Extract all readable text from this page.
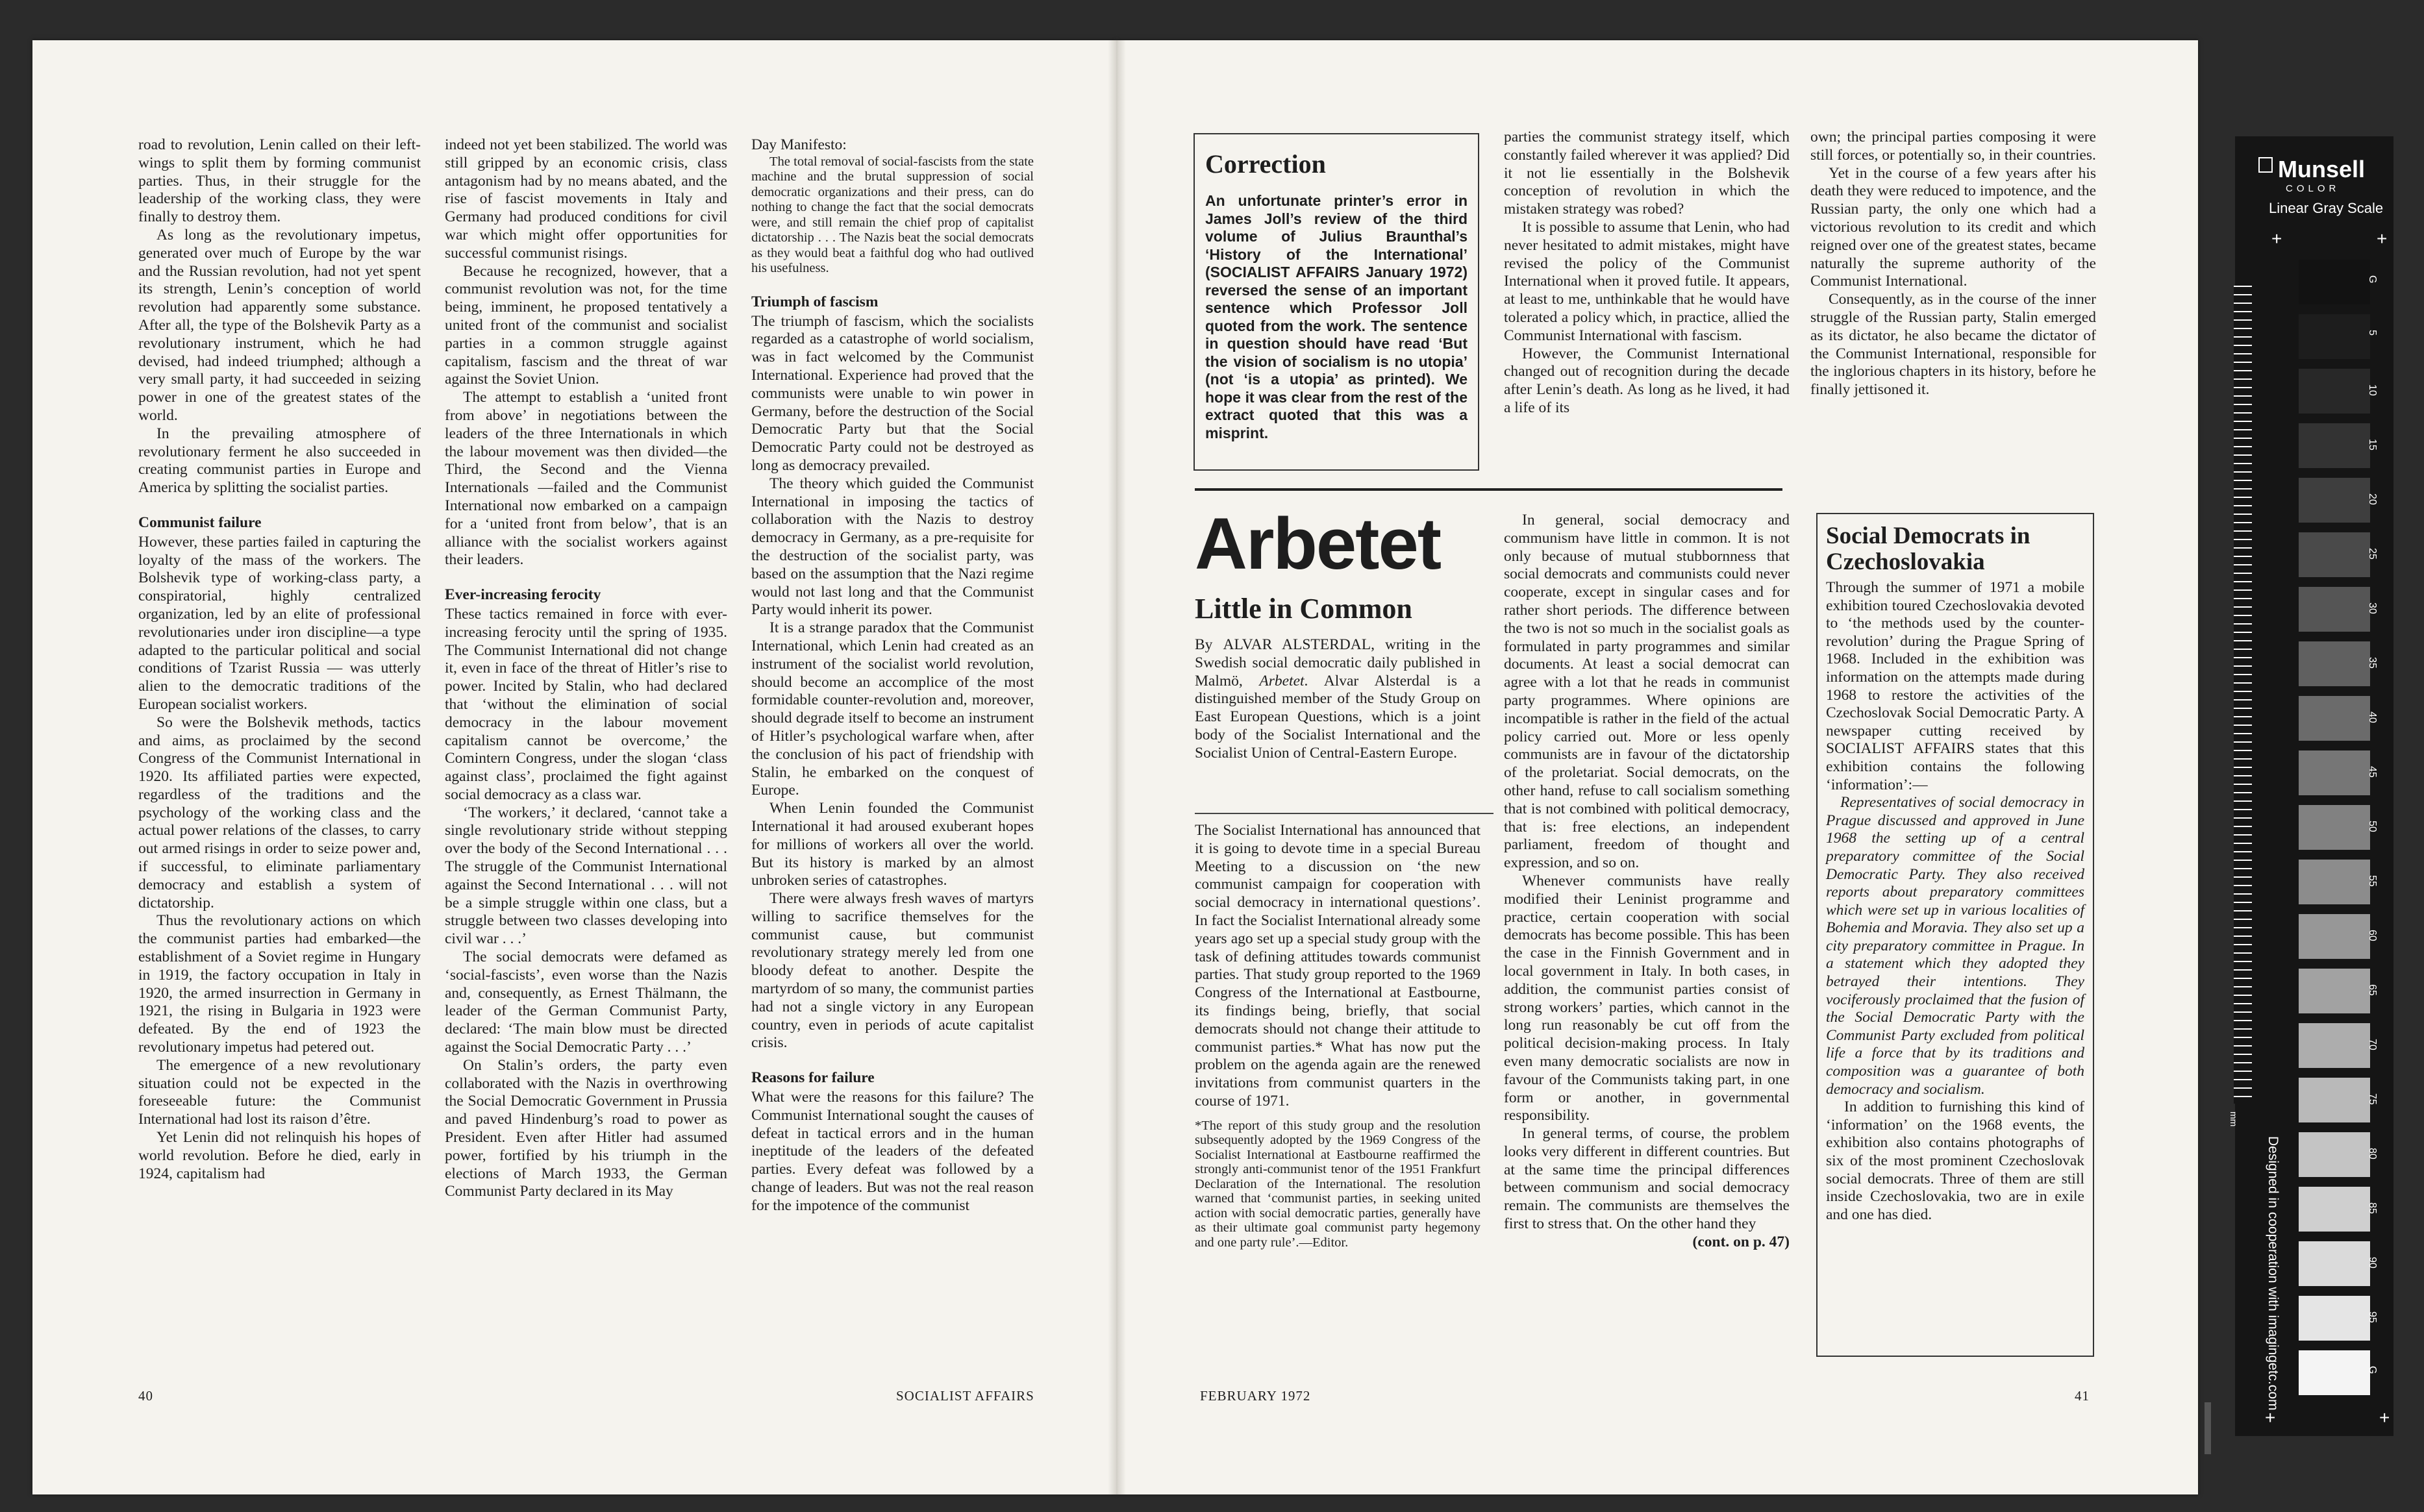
road to revolution, Lenin called on their left-wings to split them by forming communist parties. Thus, in their struggle for the leadership of the working class, they were finally to destroy them.

As long as the revolutionary impetus, generated over much of Europe by the war and the Russian revolution, had not yet spent its strength, Lenin’s conception of world revolution had apparently some substance. After all, the type of the Bolshevik Party as a revolutionary instrument, which he had devised, had indeed triumphed; although a very small party, it had succeeded in seizing power in one of the greatest states of the world.

In the prevailing atmosphere of revolutionary ferment he also succeeded in creating communist parties in Europe and America by splitting the socialist parties.

Communist failure

However, these parties failed in capturing the loyalty of the mass of the workers. The Bolshevik type of working-class party, a conspiratorial, highly centralized organization, led by an elite of professional revolutionaries under iron discipline—a type adapted to the particular political and social conditions of Tzarist Russia — was utterly alien to the democratic traditions of the European socialist workers.

So were the Bolshevik methods, tactics and aims, as proclaimed by the second Congress of the Communist International in 1920. Its affiliated parties were expected, regardless of the traditions and the psychology of the working class and the actual power relations of the classes, to carry out armed risings in order to seize power and, if successful, to eliminate parliamentary democracy and establish a system of dictatorship.

Thus the revolutionary actions on which the communist parties had embarked—the establishment of a Soviet regime in Hungary in 1919, the factory occupation in Italy in 1920, the armed insurrection in Germany in 1921, the rising in Bulgaria in 1923 were defeated. By the end of 1923 the revolutionary impetus had petered out.

The emergence of a new revolutionary situation could not be expected in the foreseeable future: the Communist International had lost its raison d’être.

Yet Lenin did not relinquish his hopes of world revolution. Before he died, early in 1924, capitalism had

indeed not yet been stabilized. The world was still gripped by an economic crisis, class antagonism had by no means abated, and the rise of fascist movements in Italy and Germany had produced conditions for civil war which might offer opportunities for successful communist risings.

Because he recognized, however, that a communist revolution was not, for the time being, imminent, he proposed tentatively a united front of the communist and socialist parties in a common struggle against capitalism, fascism and the threat of war against the Soviet Union.

The attempt to establish a ‘united front from above’ in negotiations between the leaders of the three Internationals in which the labour movement was then divided—the Third, the Second and the Vienna Internationals —failed and the Communist International now embarked on a campaign for a ‘united front from below’, that is an alliance with the socialist workers against their leaders.

Ever-increasing ferocity

These tactics remained in force with ever-increasing ferocity until the spring of 1935. The Communist International did not change it, even in face of the threat of Hitler’s rise to power. Incited by Stalin, who had declared that ‘without the elimination of social democracy in the labour movement capitalism cannot be overcome,’ the Comintern Congress, under the slogan ‘class against class’, proclaimed the fight against social democracy as a class war.

‘The workers,’ it declared, ‘cannot take a single revolutionary stride without stepping over the body of the Second International . . . The struggle of the Communist International against the Second International . . . will not be a simple struggle within one class, but a struggle between two classes developing into civil war . . .’

The social democrats were defamed as ‘social-fascists’, even worse than the Nazis and, consequently, as Ernest Thälmann, the leader of the German Communist Party, declared: ‘The main blow must be directed against the Social Democratic Party . . .’

On Stalin’s orders, the party even collaborated with the Nazis in overthrowing the Social Democratic Government in Prussia and paved Hindenburg’s road to power as President. Even after Hitler had assumed power, fortified by his triumph in the elections of March 1933, the German Communist Party declared in its May

Day Manifesto:

The total removal of social-fascists from the state machine and the brutal suppression of social democratic organizations and their press, can do nothing to change the fact that the social democrats were, and still remain the chief prop of capitalist dictatorship . . . The Nazis beat the social democrats as they would beat a faithful dog who had outlived his usefulness.

Triumph of fascism

The triumph of fascism, which the socialists regarded as a catastrophe of world socialism, was in fact welcomed by the Communist International. Experience had proved that the communists were unable to win power in Germany, before the destruction of the Social Democratic Party but that the Social Democratic Party could not be destroyed as long as democracy prevailed.

The theory which guided the Communist International in imposing the tactics of collaboration with the Nazis to destroy democracy in Germany, as a pre-requisite for the destruction of the socialist party, was based on the assumption that the Nazi regime would not last long and that the Communist Party would inherit its power.

It is a strange paradox that the Communist International, which Lenin had created as an instrument of the socialist world revolution, should become an accomplice of the most formidable counter-revolution and, moreover, should degrade itself to become an instrument of Hitler’s psychological warfare when, after the conclusion of his pact of friendship with Stalin, he embarked on the conquest of Europe.

When Lenin founded the Communist International it had aroused exuberant hopes for millions of workers all over the world. But its history is marked by an almost unbroken series of catastrophes.

There were always fresh waves of martyrs willing to sacrifice themselves for the communist cause, but communist revolutionary strategy merely led from one bloody defeat to another. Despite the martyrdom of so many, the communist parties had not a single victory in any European country, even in periods of acute capitalist crisis.

Reasons for failure

What were the reasons for this failure? The Communist International sought the causes of defeat in tactical errors and in the human ineptitude of the leaders of the defeated parties. Every defeat was followed by a change of leaders. But was not the real reason for the impotence of the communist

40	SOCIALIST AFFAIRS
Correction

An unfortunate printer’s error in James Joll’s review of the third volume of Julius Braunthal’s ‘History of the International’ (SOCIALIST AFFAIRS January 1972) reversed the sense of an important sentence which Professor Joll quoted from the work. The sentence in question should have read ‘But the vision of socialism is no utopia’ (not ‘is a utopia’ as printed). We hope it was clear from the rest of the extract quoted that this was a misprint.

parties the communist strategy itself, which constantly failed wherever it was applied? Did it not lie essentially in the Bolshevik conception of revolution in which the mistaken strategy was robed?

It is possible to assume that Lenin, who had never hesitated to admit mistakes, might have revised the policy of the Communist International when it proved futile. It appears, at least to me, unthinkable that he would have tolerated a policy which, in practice, allied the Communist International with fascism.

However, the Communist International changed out of recognition during the decade after Lenin’s death. As long as he lived, it had a life of its

own; the principal parties composing it were still forces, or potentially so, in their countries.

Yet in the course of a few years after his death they were reduced to impotence, and the Russian party, the only one which had a victorious revolution to its credit and which reigned over one of the greatest states, became naturally the supreme authority of the Communist International.

Consequently, as in the course of the inner struggle of the Russian party, Stalin emerged as its dictator, he also became the dictator of the Communist International, responsible for the inglorious chapters in its history, before he finally jettisoned it.

Arbetet
Little in Common

By ALVAR ALSTERDAL, writing in the Swedish social democratic daily published in Malmö, Arbetet. Alvar Alsterdal is a distinguished member of the Study Group on East European Questions, which is a joint body of the Socialist International and the Socialist Union of Central-Eastern Europe.

The Socialist International has announced that it is going to devote time in a special Bureau Meeting to a discussion on ‘the new communist campaign for cooperation with social democracy in international questions’. In fact the Socialist International already some years ago set up a special study group with the task of defining attitudes towards communist parties. That study group reported to the 1969 Congress of the International at Eastbourne, its findings being, briefly, that social democrats should not change their attitude to communist parties.* What has now put the problem on the agenda again are the renewed invitations from communist quarters in the course of 1971.

*The report of this study group and the resolution subsequently adopted by the 1969 Congress of the Socialist International at Eastbourne reaffirmed the strongly anti-communist tenor of the 1951 Frankfurt Declaration of the International. The resolution warned that ‘communist parties, in seeking united action with social democratic parties, generally have as their ultimate goal communist party hegemony and one party rule’.—Editor.

In general, social democracy and communism have little in common. It is not only because of mutual stubbornness that social democrats and communists could never cooperate, except in singular cases and for rather short periods. The difference between the two is not so much in the socialist goals as formulated in party programmes and similar documents. At least a social democrat can agree with a lot that he reads in communist party programmes. Where opinions are incompatible is rather in the field of the actual policy carried out. More or less openly communists are in favour of the dictatorship of the proletariat. Social democrats, on the other hand, refuse to call socialism something that is not combined with political democracy, that is: free elections, an independent parliament, freedom of thought and expression, and so on.

Whenever communists have really modified their Leninist programme and practice, certain cooperation with social democrats has become possible. This has been the case in the Finnish Government and in local government in Italy. In both cases, in addition, the communist parties consist of strong workers’ parties, which cannot in the long run reasonably be cut off from the political decision-making process. In Italy even many democratic socialists are now in favour of the Communists taking part, in one form or another, in governmental responsibility.

In general terms, of course, the problem looks very different in different countries. But at the same time the principal differences between communism and social democracy remain. The communists are themselves the first to stress that. On the other hand they

(cont. on p. 47)

Social Democrats in Czechoslovakia

Through the summer of 1971 a mobile exhibition toured Czechoslovakia devoted to ‘the methods used by the counter-revolution’ during the Prague Spring of 1968. Included in the exhibition was information on the attempts made during 1968 to restore the activities of the Czechoslovak Social Democratic Party. A newspaper cutting received by SOCIALIST AFFAIRS states that this exhibition contains the following ‘information’:—

Representatives of social democracy in Prague discussed and approved in June 1968 the setting up of a central preparatory committee of the Social Democratic Party. They also received reports about preparatory committees which were set up in various localities of Bohemia and Moravia. They also set up a city preparatory committee in Prague. In a statement which they adopted they betrayed their intentions. They vociferously proclaimed that the fusion of the Social Democratic Party with the Communist Party excluded from political life a force that by its traditions and composition was a guarantee of both democracy and socialism.

In addition to furnishing this kind of ‘information’ on the 1968 events, the exhibition also contains photographs of six of the most prominent Czechoslovak social democrats. Three of them are still inside Czechoslovakia, two are in exile and one has died.

FEBRUARY 1972	41
Munsell
COLOR
Linear Gray Scale
+	+
+	+
mm
Designed in cooperation with imagingetc.com
G
5
10
15
20
25
30
35
40
45
50
55
60
65
70
75
80
85
90
95
G
